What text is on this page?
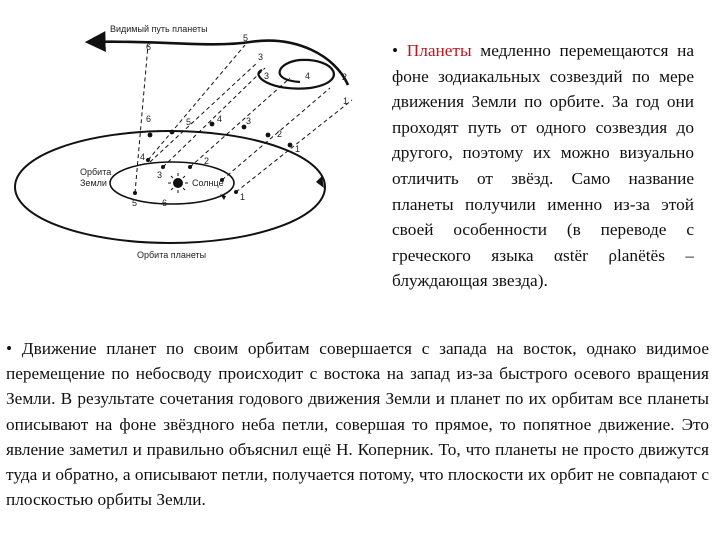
Видимый путь планеты
Орбита
Земли	Солнце
Орбита планеты
6
5
3
3	4	2
1
6	5	4	3
2
1
4
3
2
5	6
1
• Планеты медленно перемещаются на фоне зодиакальных созвездий по мере движения Земли по орбите. За год они проходят путь от одного созвездия до другого, поэтому их можно визуально отличить от звёзд. Само название планеты получили именно из-за этой своей особенности (в переводе с греческого языка αstër ρlanëtës – блуждающая звезда).
• Движение планет по своим орбитам совершается с запада на восток, однако видимое перемещение по небосводу происходит с востока на запад из-за быстрого осевого вращения Земли. В результате сочетания годового движения Земли и планет по их орбитам все планеты описывают на фоне звёздного неба петли, совершая то прямое, то попятное движение. Это явление заметил и правильно объяснил ещё Н. Коперник. То, что планеты не просто движутся туда и обратно, а описывают петли, получается потому, что плоскости их орбит не совпадают с плоскостью орбиты Земли.
